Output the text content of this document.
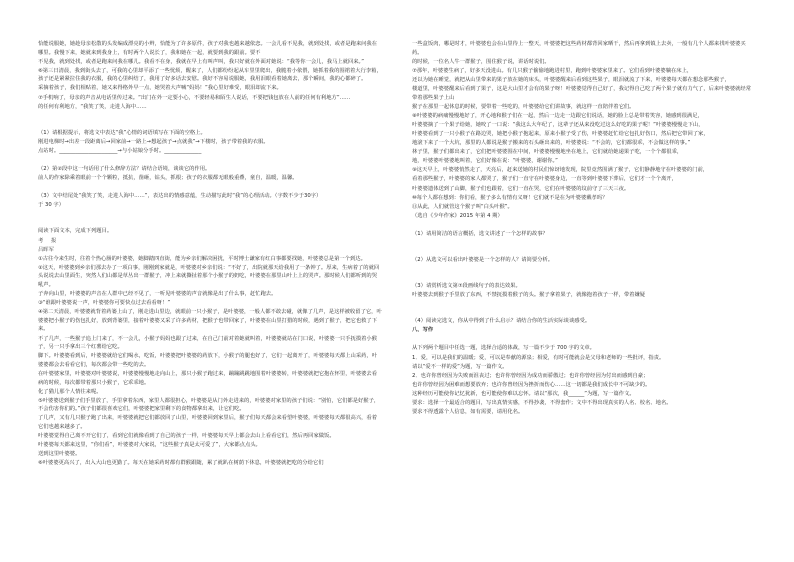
恰能说服她，她趁母亲松散的头发编成漂亮的小辫，恰能为了许多原件，孩子对我也越来越依恋。一会儿看不见我，就到处找，或者是跑来问我在哪里。我慢下来，她就来到我身上，有时两个人说长了，我和她在一起，就要到我的跟前。要不

不见我，就到处找，或者是跑来问我在哪儿。我看不在身，我就在早上有叫声叫，我只好就在外面对她说：“我等你一会儿，我马上就回来。”

⑥第三日清晨，我到街头去了，可我的心里却平添了一些忧烦，醒来了，人们都纷纷起从车里里爬出，我脆着小依偎，她抓着我的围裙着大行李箱，孩子还是紧紧拉住我的衣服，我的心里纠结了，我用了好多话去安慰。我好不容易说服她，我用泪眼看着她离去，那个瞬间，我的心都碎了。

采摘着孩子，我们相贴着，她又来得格外早一点，她哭着大声喊“妈妈！”我心里好难受，眼泪却流下来。

⑦手机响了，母亲的声音从电话里传过来。“出门在外一定要小心，不要轻易和陌生人说话，不要把钱包放在人前的任何有利地方”……

的任何有利地方，“我笑了笑，走进人海中……

（1）请根据提示，将选文中表达“我”心情的词语填写在下面的空格上。

刚进电梯时→出差一段距离后→回家前→一路上→想起孩子→点就我”→下楼时，孩子带着我的衣服。

点站时。______________________→与小姑娘分手时。______________

（2）第②段中这一句话用了什么修辞方法？请结合语境，谈谈它的作用。

前人的作家除乘着眼前一个个颗粒，抵抗，凿砸，钻头，抓根；孩子的衣服都无眼般重叠，童自，温暖，温馨。

（3）文中结尾处“我笑了笑，走进人海中……”，表达出的情感意蕴，生动描写此时“我”的心理活动。（字数不少于30字）

于 30 字）

阅读下面文本，完成下列题目。

考 报

吕晖军

①古往今来生时，往着个热心肠的叶婆婆，她脚踏四直街，能为乡亲们解决困扰，平时博士谦家有红白事都要找她，叶婆婆总是第一个到达。

②这天，叶婆婆到乡亲们那去办了一项白事，刚刚到家就是，叶婆婆对乡亲们说：“不好了，出院就那天给我用了一条钟了。厚来，生病着了的就回头说说去山里面生，突然人们山都是草丛出一群猴子，冲上来就撕扯着那个小猴子的奶吃，叶婆婆在那里山叶上上的哭声。那时候人们都听到的哭吼声。

子奔向山里，叶婆婆的声音在人群中已经不见了，一听见叶婆婆的声音就像是出了什么事，赶忙跑去。

③“谁跟叶婆婆说一声，叶婆婆你可要快点过去看看呀！”

④第二天清晨，叶婆婆就背着药篓上山了，刚走进山里边，就眼前一只小猴子，是叶婆婆，一般人都不敢去碰，就像了几声，是这样被收留了它，叶婆婆把小猴子的伤包扎好，放到背篓里，接着叶婆婆又采了许多药材，把猴子也带回家了，叶婆婆在山里打猎的时候，遇到了猴子，把它也救了下来。

不了几声，一些猴子追上门来了，不一会儿，小猴子妈妈也跟了过来，在自己门前对着她就叫着，叶婆婆就站在门口说，叶婆婆一只手抚摸着小猴子，另一只手拿出三个红薯给它吃。

脚下。叶婆婆看到后，叶婆婆就给它们喝水，吃饭，叶婆婆把叶婆婆的药放下，小猴子的腿也好了，它们一起离开了，叶婆婆每天都上山采药，叶婆婆都会去看看它们，每次都会带一些吃的去。

在叶婆婆家里，叶婆婆对叶婆婆说，叶婆婆慢慢地走向山上，那只小猴子跑过来，蹦蹦跳跳地围着叶婆婆转，叶婆婆就把它抱在怀里，叶婆婆去看病的时候，每次都带着那只小猴子，它乖乖地。

化了猫儿那个人情往来呢。

⑤叶婆婆送到猴子们手里放了，手里拿着东西，家里人都很担心，叶婆婆是从门外走进来的，叶婆婆对家里的孩子们说：“别怕，它们都是好猴子，不会伤害你们的。”孩子们都很喜欢它们，叶婆婆把家里剩下的食物都拿出来，让它们吃。

了几声，又有几只猴子跑了出来，叶婆婆就把它们都放回了山里，叶婆婆回到家里后，猴子们每天都会来看望叶婆婆，叶婆婆每天都很高兴，看着它们也越来越多了。

叶婆婆觉得自己离不开它们了，看到它们就像看到了自己的孩子一样，叶婆婆每天早上都会去山上看看它们，然后再回家做饭。

叶婆婆每天都来这里，“你们看”，叶婆婆对大家说，“这些猴子真是太可爱了”，大家都点点头。

送到这里叶婆婆。

⑥叶婆婆更高兴了，出入大山也更勤了。每天在她采药时都有群猴跟随，累了就趴在树荫下休息，叶婆婆就把吃的分给它们

一些盒饭肉，哪是时才，叶婆婆也会在山里待上一整天，叶婆婆把这些药材都背回家晒干，然后再拿到镇上去卖，一般有几个人都来找叶婆婆买药。

的时候，一位名人牛一群猴子，围住猴子说，讲话时说们。

⑦那年，叶婆婆生病了，好多天没进山。有几只猴子偷偷地跑进村里，跑到叶婆婆家里来了。它们看到叶婆婆躺在床上，

还以为她在睡觉，就把从山里带来的果子放在她的床头，叶婆婆醒来后看到这些果子，眼泪就流了下来，叶婆婆每天都在想念那些猴子，

楼道里，叶婆婆醒来后看到了果子，这是大山里才会有的果子呀！叶婆婆觉得自己好了，我记得自己吃了两个果子就有力气了，后来叶婆婆就经常带着那些果子上山

猴子在那里一起休息的时候，要带着一些吃的，叶婆婆给它们讲故事，就这样一直陪伴着它们。

⑧叶婆婆的病痛慢慢地好了，开心地和猴子们在一起，然后一边走一边跟它们说话，她的脸上总是带着笑容，她感到很满足，

叶婆婆摘了一个果子给她，她咬了一口说：“我这么大年纪了，这辈子还从来没吃过这么好吃的果子呢！”叶婆婆慢慢走下山，

叶婆婆看到了一只小猴子在路边哭，她把小猴子抱起来，原来小猴子受了伤，叶婆婆赶忙给它包扎好伤口，然后把它带回了家，

地滚下来了一个大坑，那里的人都说是猴子搬来的石头砸出来的，叶婆婆说：“不会的，它们都很乖，不会做这样的事。”

林子里，猴子们都出来了，它们把叶婆婆围在中间，叶婆婆慢慢地坐在地上，它们就给她递果子吃，一个个都很乖，

地，叶婆婆叶婆婆地叫着，它们好像在说：“叶婆婆，谢谢你。”

⑨这天早上，叶婆婆悄然走了，天亮后，赶来送她的村民们惊讶地发现，院里竟然围满了猴子，它们静静地守在叶婆婆的门前，

看着那些猴子，叶婆婆的家人都哭了，猴子们一直守在叶婆婆身边，一直等到叶婆婆下葬后，它们才一个个离开，

叶婆婆遗体送到了山脚，猴子们也跟着，它们一直在哭，它们在叶婆婆的坟前守了三天三夜。

⑩每个人都在想到：你们看，猴子多么有情有义呀！它们就不是在为叶婆婆戴孝吗？

⑪从此，人们就管这个猴子叫“白头叶猴”。

（选自《少年作家》2015 年第 4 期）

（1）请用简洁的语言概括，选文讲述了一个怎样的故事？

（2）从选文可以看出叶婆婆是一个怎样的人？请简要分析。

（3）请赏析选文第⑦段画线句子的表达效果。

叶婆婆去到猴子手里放了东西，不禁抚摸着猴子的头。猴子拿着果子，就像抱着孩子一样，带着嫌疑

（4）阅读完选文，你从中得到了什么启示？请结合你的生活实际谈谈感受。

八、写作

从下列两个题目中任选一题，选择合适的体裁，写一篇不少于 700 字的文章。

1．爱，可以是我们的温暖；爱，可以是奉献的源泉；相爱，有时可能就会是父母和老师的一些批评，指责。

请以“爱不一样的爱”为题，写一篇作文。

2．也许你曾经因为失败而沮丧过；也许你曾经因为成功而骄傲过；也许你曾经因为付出而感到自豪；

也许你曾经因为困难而想要放弃；也许你曾经因为挫折而伤心……这一切都是我们成长中不可缺少的。

这种经历可能使你记忆犹新，也可能使你难以忘怀。请以“那次，我______”为题，写一篇作文。

要求：选择一个最适合的题目，写出真情实感，不得抄袭，不得套作；文中不得出现真实的人名、校名、地名。

要求不得透露个人信息，如有需要，请用化名。
